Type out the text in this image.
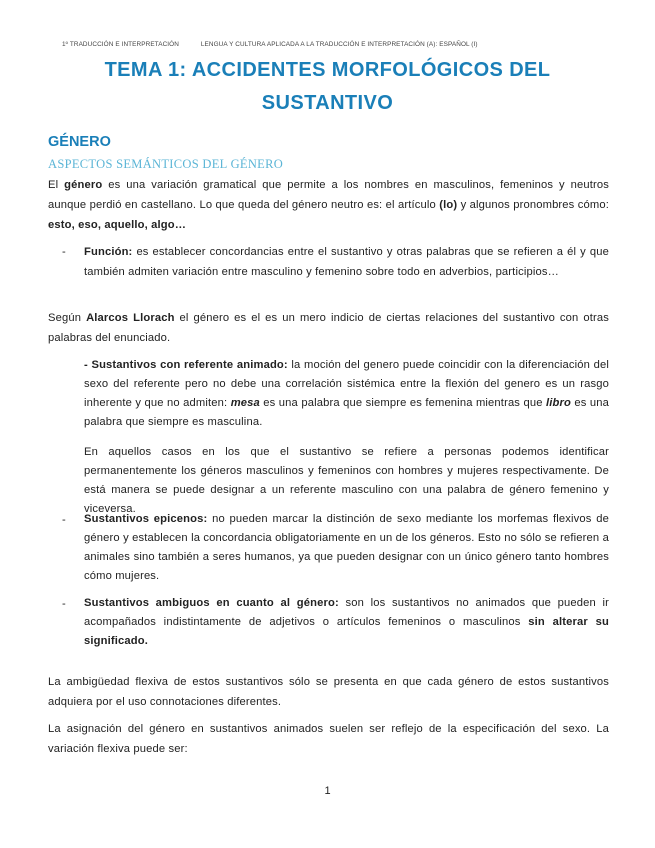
1º TRADUCCIÓN E INTERPRETACIÓN	LENGUA Y CULTURA APLICADA A LA TRADUCCIÓN E INTERPRETACIÓN (A): ESPAÑOL (I)
TEMA 1: ACCIDENTES MORFOLÓGICOS DEL
SUSTANTIVO
GÉNERO
ASPECTOS SEMÁNTICOS DEL GÉNERO
El género es una variación gramatical que permite a los nombres en masculinos, femeninos y neutros aunque perdió en castellano. Lo que queda del género neutro es: el artículo (lo) y algunos pronombres cómo: esto, eso, aquello, algo…
- Función: es establecer concordancias entre el sustantivo y otras palabras que se refieren a él y que también admiten variación entre masculino y femenino sobre todo en adverbios, participios…
Según Alarcos Llorach el género es el es un mero indicio de ciertas relaciones del sustantivo con otras palabras del enunciado.
- Sustantivos con referente animado: la moción del genero puede coincidir con la diferenciación del sexo del referente pero no debe una correlación sistémica entre la flexión del genero es un rasgo inherente y que no admiten: mesa es una palabra que siempre es femenina mientras que libro es una palabra que siempre es masculina.
En aquellos casos en los que el sustantivo se refiere a personas podemos identificar permanentemente los géneros masculinos y femeninos con hombres y mujeres respectivamente. De está manera se puede designar a un referente masculino con una palabra de género femenino y viceversa.
- Sustantivos epicenos: no pueden marcar la distinción de sexo mediante los morfemas flexivos de género y establecen la concordancia obligatoriamente en un de los géneros. Esto no sólo se refieren a animales sino también a seres humanos, ya que pueden designar con un único género tanto hombres cómo mujeres.
- Sustantivos ambiguos en cuanto al género: son los sustantivos no animados que pueden ir acompañados indistintamente de adjetivos o artículos femeninos o masculinos sin alterar su significado.
La ambigüedad flexiva de estos sustantivos sólo se presenta en que cada género de estos sustantivos adquiera por el uso connotaciones diferentes.
La asignación del género en sustantivos animados suelen ser reflejo de la especificación del sexo. La variación flexiva puede ser:
1
